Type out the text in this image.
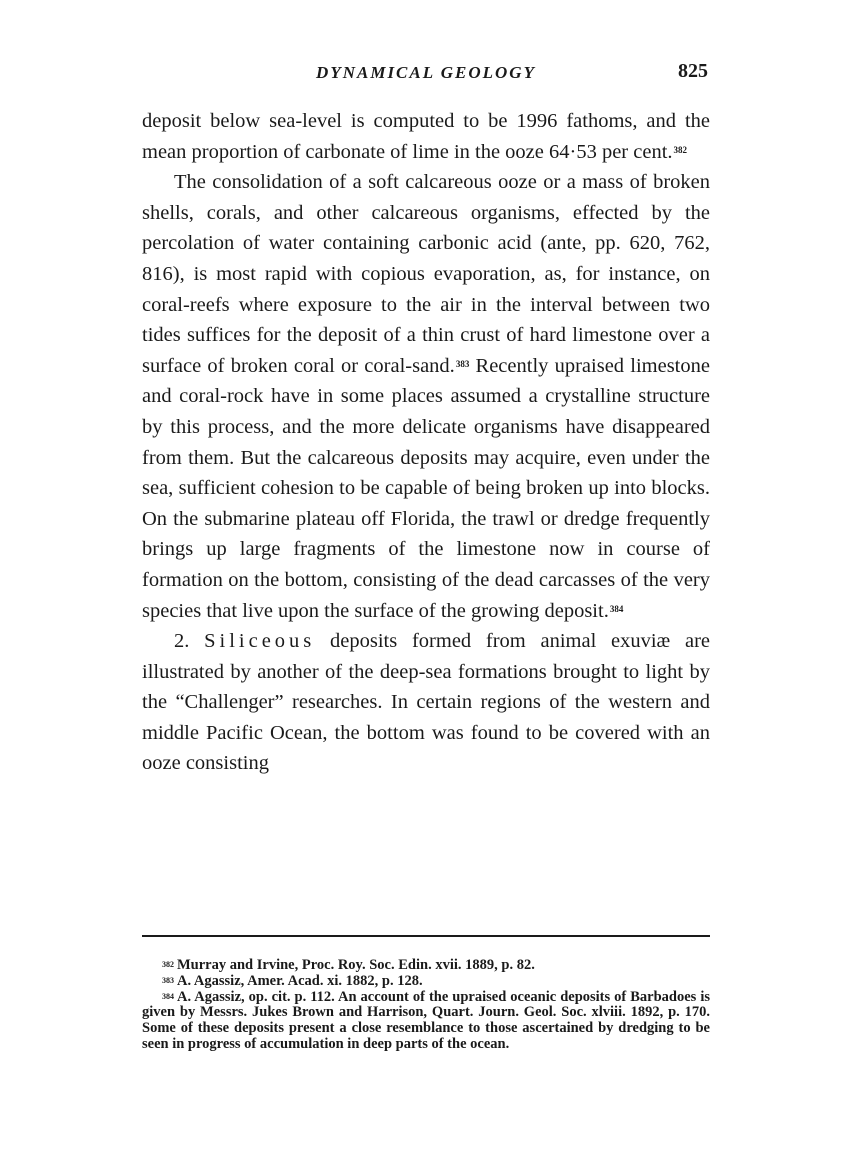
DYNAMICAL GEOLOGY	825

deposit below sea-level is computed to be 1996 fathoms, and the mean proportion of carbonate of lime in the ooze 64·53 per cent.$^{382}$

The consolidation of a soft calcareous ooze or a mass of broken shells, corals, and other calcareous organisms, effected by the percolation of water containing carbonic acid (ante, pp. 620, 762, 816), is most rapid with copious evaporation, as, for instance, on coral-reefs where exposure to the air in the interval between two tides suffices for the deposit of a thin crust of hard limestone over a surface of broken coral or coral-sand.$^{383}$ Recently upraised limestone and coral-rock have in some places assumed a crystalline structure by this process, and the more delicate organisms have disappeared from them. But the calcareous deposits may acquire, even under the sea, sufficient cohesion to be capable of being broken up into blocks. On the submarine plateau off Florida, the trawl or dredge frequently brings up large fragments of the limestone now in course of formation on the bottom, consisting of the dead carcasses of the very species that live upon the surface of the growing deposit.$^{384}$

2. Siliceous deposits formed from animal exuviæ are illustrated by another of the deep-sea formations brought to light by the “Challenger” researches. In certain regions of the western and middle Pacific Ocean, the bottom was found to be covered with an ooze consisting

$^{382}$ Murray and Irvine, Proc. Roy. Soc. Edin. xvii. 1889, p. 82.

$^{383}$ A. Agassiz, Amer. Acad. xi. 1882, p. 128.

$^{384}$ A. Agassiz, op. cit. p. 112. An account of the upraised oceanic deposits of Barbadoes is given by Messrs. Jukes Brown and Harrison, Quart. Journ. Geol. Soc. xlviii. 1892, p. 170. Some of these deposits present a close resemblance to those ascertained by dredging to be seen in progress of accumulation in deep parts of the ocean.
